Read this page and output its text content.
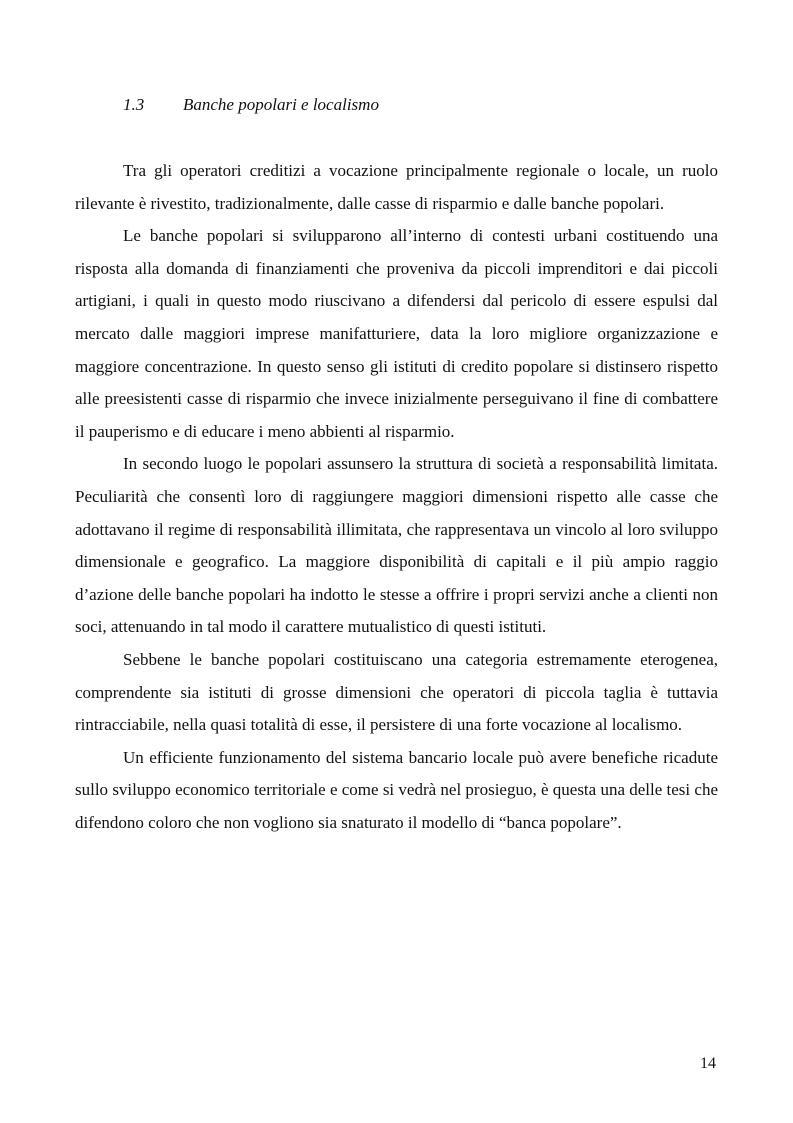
1.3 Banche popolari e localismo

Tra gli operatori creditizi a vocazione principalmente regionale o locale, un ruolo rilevante è rivestito, tradizionalmente, dalle casse di risparmio e dalle banche popolari.

Le banche popolari si svilupparono all’interno di contesti urbani costituendo una risposta alla domanda di finanziamenti che proveniva da piccoli imprenditori e dai piccoli artigiani, i quali in questo modo riuscivano a difendersi dal pericolo di essere espulsi dal mercato dalle maggiori imprese manifatturiere, data la loro migliore organizzazione e maggiore concentrazione. In questo senso gli istituti di credito popolare si distinsero rispetto alle preesistenti casse di risparmio che invece inizialmente perseguivano il fine di combattere il pauperismo e di educare i meno abbienti al risparmio.

In secondo luogo le popolari assunsero la struttura di società a responsabilità limitata. Peculiarità che consentì loro di raggiungere maggiori dimensioni rispetto alle casse che adottavano il regime di responsabilità illimitata, che rappresentava un vincolo al loro sviluppo dimensionale e geografico. La maggiore disponibilità di capitali e il più ampio raggio d’azione delle banche popolari ha indotto le stesse a offrire i propri servizi anche a clienti non soci, attenuando in tal modo il carattere mutualistico di questi istituti.

Sebbene le banche popolari costituiscano una categoria estremamente eterogenea, comprendente sia istituti di grosse dimensioni che operatori di piccola taglia è tuttavia rintracciabile, nella quasi totalità di esse, il persistere di una forte vocazione al localismo.

Un efficiente funzionamento del sistema bancario locale può avere benefiche ricadute sullo sviluppo economico territoriale e come si vedrà nel prosieguo, è questa una delle tesi che difendono coloro che non vogliono sia snaturato il modello di “banca popolare”.

14
